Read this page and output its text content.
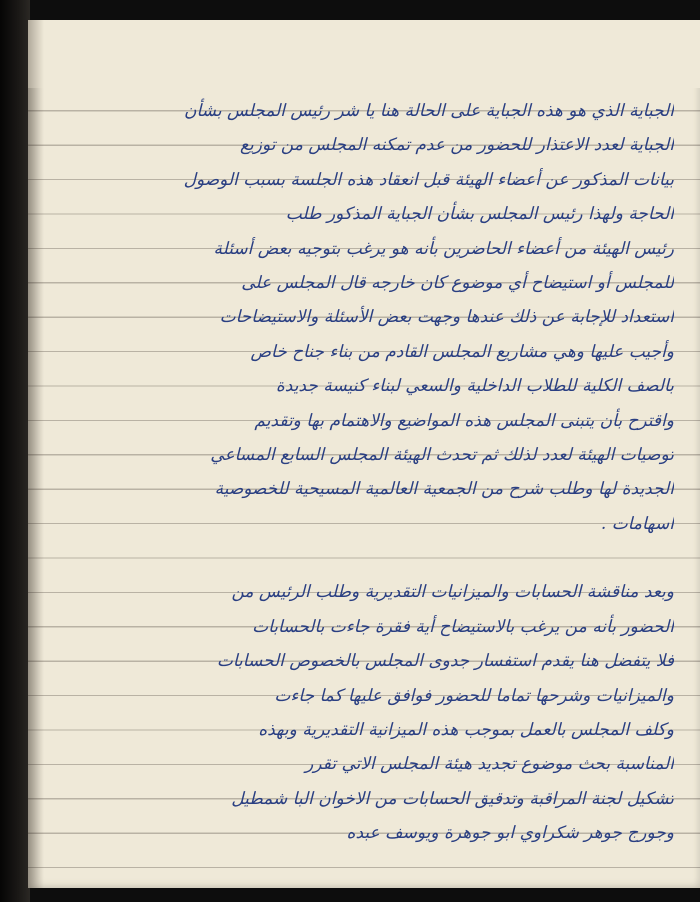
الجباية الذي هو هذه الجباية على الحالة هنا يا شر رئيس المجلس بشأن
الجباية لعدد الاعتذار للحضور من عدم تمكنه المجلس من توزيع
بيانات المذكور عن أعضاء الهيئة قبل انعقاد هذه الجلسة بسبب الوصول
الحاجة ولهذا رئيس المجلس بشأن الجباية المذكور طلب
رئيس الهيئة من أعضاء الحاضرين بأنه هو يرغب بتوجيه بعض أسئلة
للمجلس أو استيضاح أي موضوع كان خارجه قال المجلس على
استعداد للإجابة عن ذلك عندها وجهت بعض الأسئلة والاستيضاحات
وأجيب عليها وهي مشاريع المجلس القادم من بناء جناح خاص
بالصف الكلية للطلاب الداخلية والسعي لبناء كنيسة جديدة
واقترح بأن يتبنى المجلس هذه المواضيع والاهتمام بها وتقديم
توصيات الهيئة لعدد لذلك ثم تحدث الهيئة المجلس السابع المساعي
الجديدة لها وطلب شرح من الجمعية العالمية المسيحية للخصوصية
اسهامات .
وبعد مناقشة الحسابات والميزانيات التقديرية وطلب الرئيس من
الحضور بأنه من يرغب بالاستيضاح أية فقرة جاءت بالحسابات
فلا يتفضل هنا يقدم استفسار جدوى المجلس بالخصوص الحسابات
والميزانيات وشرحها تماما للحضور فوافق عليها كما جاءت
وكلف المجلس بالعمل بموجب هذه الميزانية التقديرية وبهذه
المناسبة بحث موضوع تجديد هيئة المجلس الاتي تقرر
تشكيل لجنة المراقبة وتدقيق الحسابات من الاخوان البا شمطيل
وجورج جوهر شكراوي ابو جوهرة ويوسف عبده
